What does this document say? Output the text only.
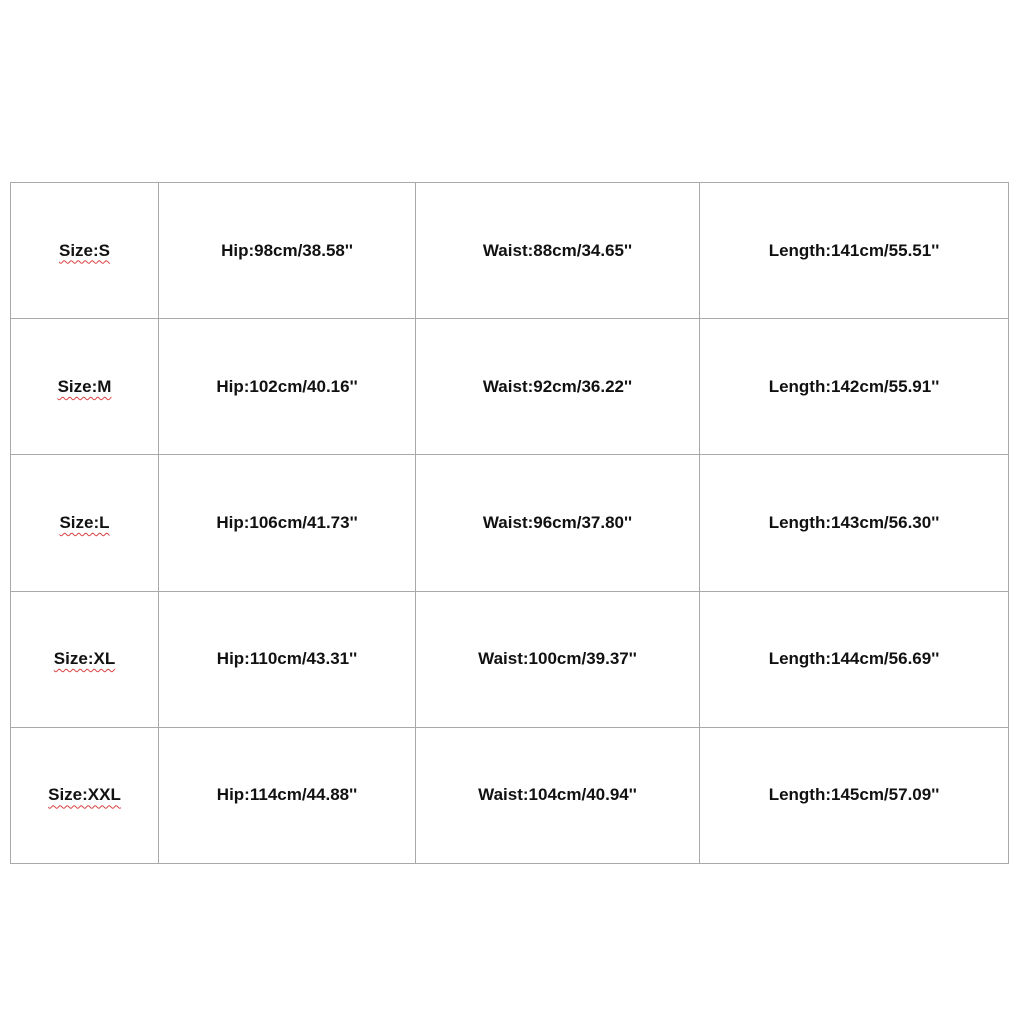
Size:S	Hip:98cm/38.58''	Waist:88cm/34.65''	Length:141cm/55.51''
Size:M	Hip:102cm/40.16''	Waist:92cm/36.22''	Length:142cm/55.91''
Size:L	Hip:106cm/41.73''	Waist:96cm/37.80''	Length:143cm/56.30''
Size:XL	Hip:110cm/43.31''	Waist:100cm/39.37''	Length:144cm/56.69''
Size:XXL	Hip:114cm/44.88''	Waist:104cm/40.94''	Length:145cm/57.09''
